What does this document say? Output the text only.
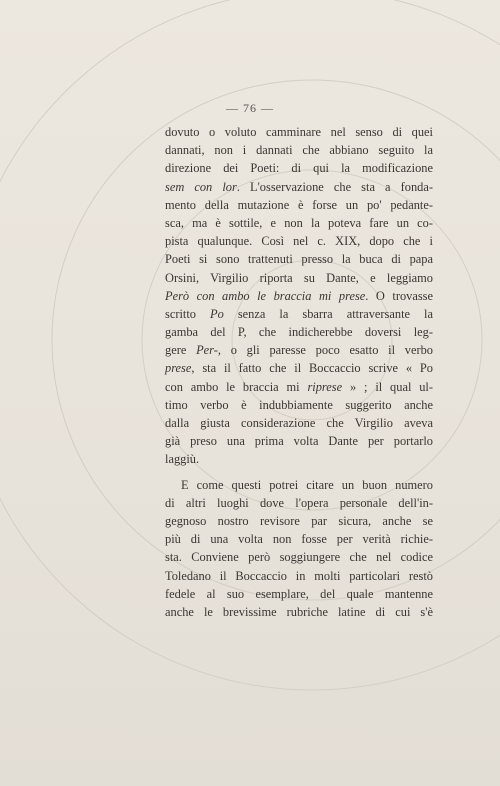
— 76 —
dovuto o voluto camminare nel senso di quei
dannati, non i dannati che abbiano seguito la
direzione dei Poeti: di qui la modificazione
sem con lor. L'osservazione che sta a fonda-
mento della mutazione è forse un po' pedante-
sca, ma è sottile, e non la poteva fare un co-
pista qualunque. Così nel c. XIX, dopo che i
Poeti si sono trattenuti presso la buca di papa
Orsini, Virgilio riporta su Dante, e leggiamo
Però con ambo le braccia mi prese. O trovasse
scritto Po senza la sbarra attraversante la
gamba del P, che indicherebbe doversi leg-
gere Per-, o gli paresse poco esatto il verbo
prese, sta il fatto che il Boccaccio scrive « Po
con ambo le braccia mi riprese » ; il qual ul-
timo verbo è indubbiamente suggerito anche
dalla giusta considerazione che Virgilio aveva
già preso una prima volta Dante per portarlo
laggiù.
E come questi potrei citare un buon numero
di altri luoghi dove l'opera personale dell'in-
gegnoso nostro revisore par sicura, anche se
più di una volta non fosse per verità richie-
sta. Conviene però soggiungere che nel codice
Toledano il Boccaccio in molti particolari restò
fedele al suo esemplare, del quale mantenne
anche le brevissime rubriche latine di cui s'è
